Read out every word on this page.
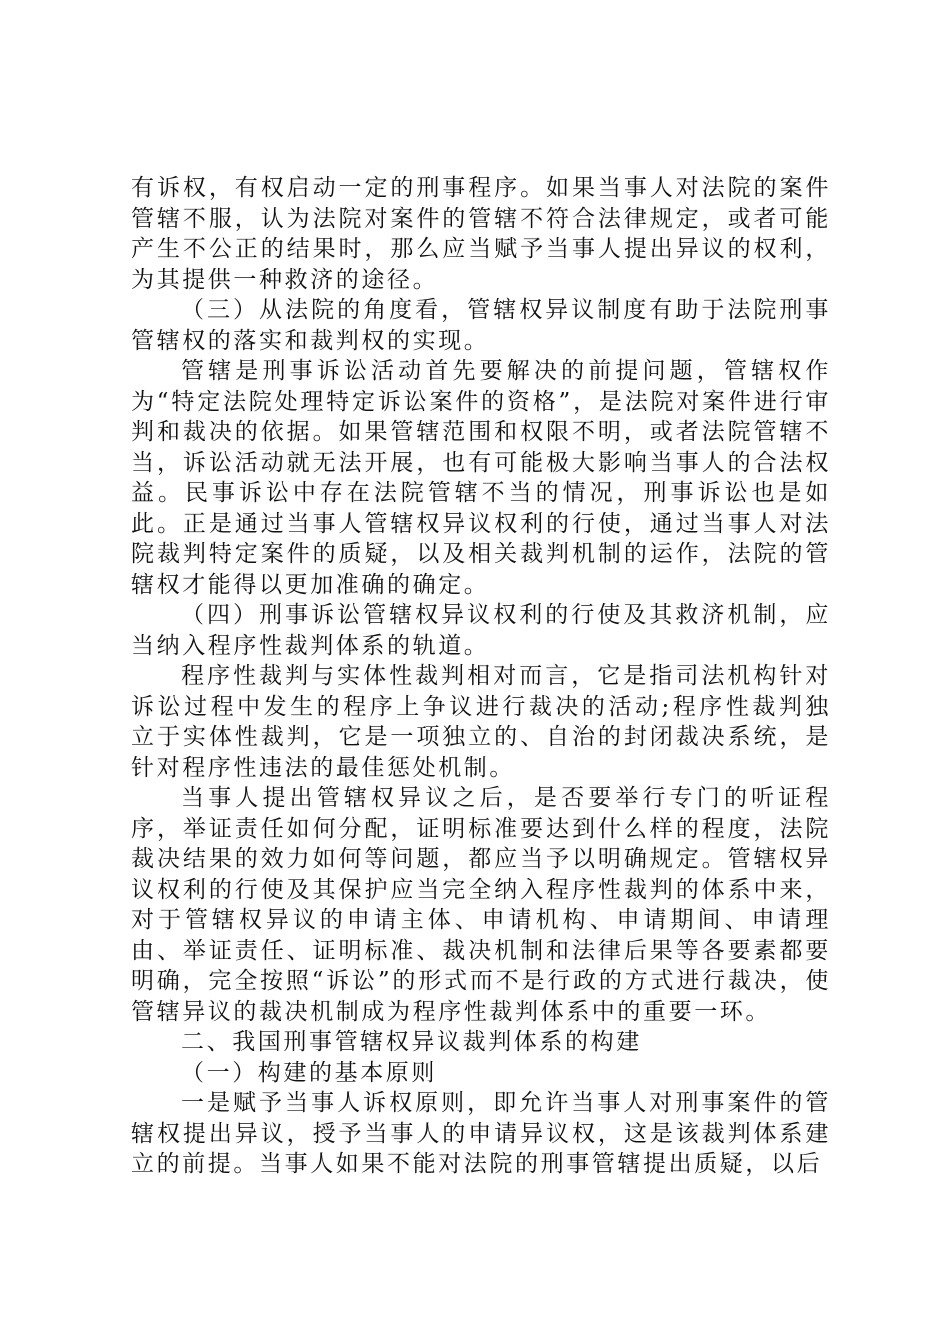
有诉权，有权启动一定的刑事程序。如果当事人对法院的案件管辖不服，认为法院对案件的管辖不符合法律规定，或者可能产生不公正的结果时，那么应当赋予当事人提出异议的权利，为其提供一种救济的途径。

（三）从法院的角度看，管辖权异议制度有助于法院刑事管辖权的落实和裁判权的实现。

管辖是刑事诉讼活动首先要解决的前提问题，管辖权作为“特定法院处理特定诉讼案件的资格”，是法院对案件进行审判和裁决的依据。如果管辖范围和权限不明，或者法院管辖不当，诉讼活动就无法开展，也有可能极大影响当事人的合法权益。民事诉讼中存在法院管辖不当的情况，刑事诉讼也是如此。正是通过当事人管辖权异议权利的行使，通过当事人对法院裁判特定案件的质疑，以及相关裁判机制的运作，法院的管辖权才能得以更加准确的确定。

（四）刑事诉讼管辖权异议权利的行使及其救济机制，应当纳入程序性裁判体系的轨道。

程序性裁判与实体性裁判相对而言，它是指司法机构针对诉讼过程中发生的程序上争议进行裁决的活动;程序性裁判独立于实体性裁判，它是一项独立的、自治的封闭裁决系统，是针对程序性违法的最佳惩处机制。

当事人提出管辖权异议之后，是否要举行专门的听证程序，举证责任如何分配，证明标准要达到什么样的程度，法院裁决结果的效力如何等问题，都应当予以明确规定。管辖权异议权利的行使及其保护应当完全纳入程序性裁判的体系中来，对于管辖权异议的申请主体、申请机构、申请期间、申请理由、举证责任、证明标准、裁决机制和法律后果等各要素都要明确，完全按照“诉讼”的形式而不是行政的方式进行裁决，使管辖异议的裁决机制成为程序性裁判体系中的重要一环。

二、我国刑事管辖权异议裁判体系的构建

（一）构建的基本原则

一是赋予当事人诉权原则，即允许当事人对刑事案件的管辖权提出异议，授予当事人的申请异议权，这是该裁判体系建立的前提。当事人如果不能对法院的刑事管辖提出质疑，以后
